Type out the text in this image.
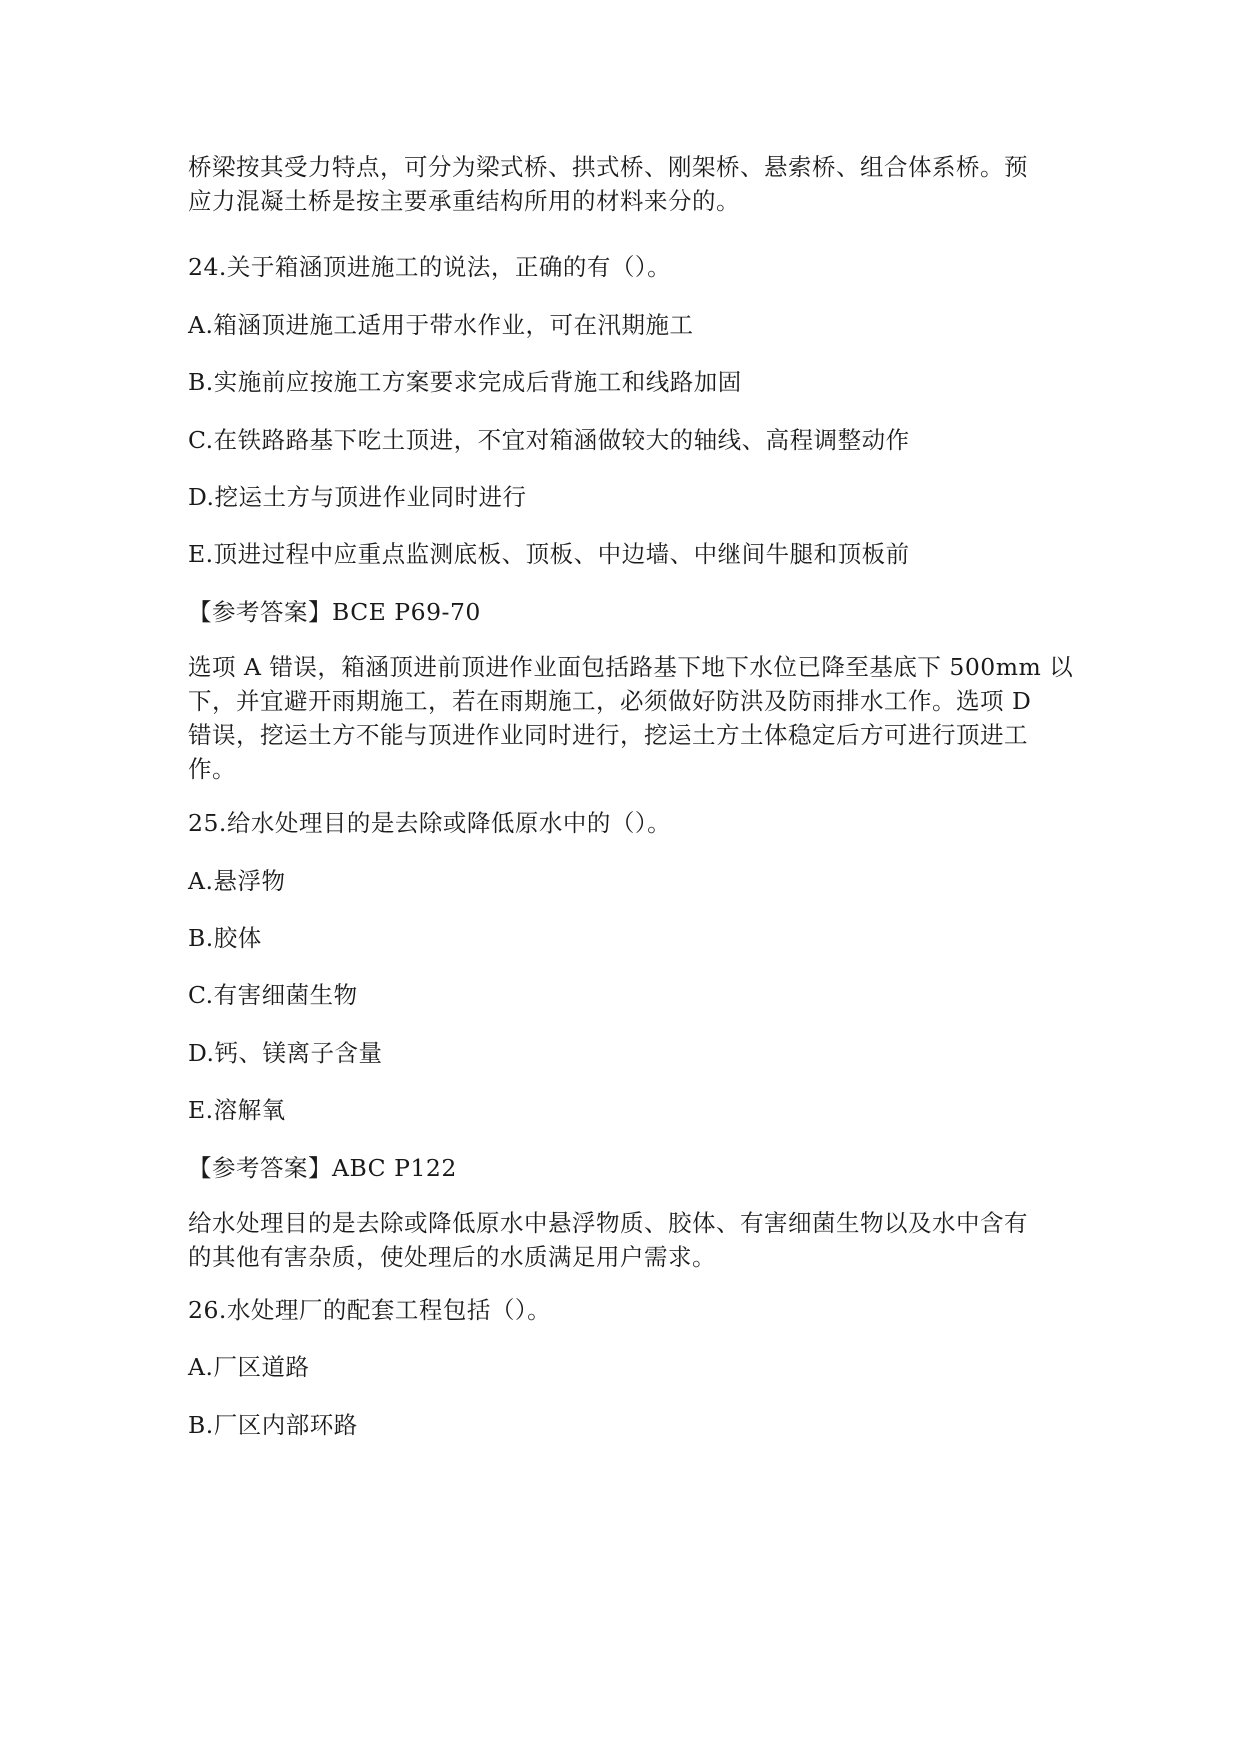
桥梁按其受力特点，可分为梁式桥、拱式桥、刚架桥、悬索桥、组合体系桥。预
应力混凝土桥是按主要承重结构所用的材料来分的。
24.关于箱涵顶进施工的说法，正确的有（）。
A.箱涵顶进施工适用于带水作业，可在汛期施工
B.实施前应按施工方案要求完成后背施工和线路加固
C.在铁路路基下吃土顶进，不宜对箱涵做较大的轴线、高程调整动作
D.挖运土方与顶进作业同时进行
E.顶进过程中应重点监测底板、顶板、中边墙、中继间牛腿和顶板前
【参考答案】BCE P69-70
选项 A 错误，箱涵顶进前顶进作业面包括路基下地下水位已降至基底下 500mm 以
下，并宜避开雨期施工，若在雨期施工，必须做好防洪及防雨排水工作。选项 D
错误，挖运土方不能与顶进作业同时进行，挖运土方土体稳定后方可进行顶进工
作。
25.给水处理目的是去除或降低原水中的（）。
A.悬浮物
B.胶体
C.有害细菌生物
D.钙、镁离子含量
E.溶解氧
【参考答案】ABC P122
给水处理目的是去除或降低原水中悬浮物质、胶体、有害细菌生物以及水中含有
的其他有害杂质，使处理后的水质满足用户需求。
26.水处理厂的配套工程包括（）。
A.厂区道路
B.厂区内部环路
